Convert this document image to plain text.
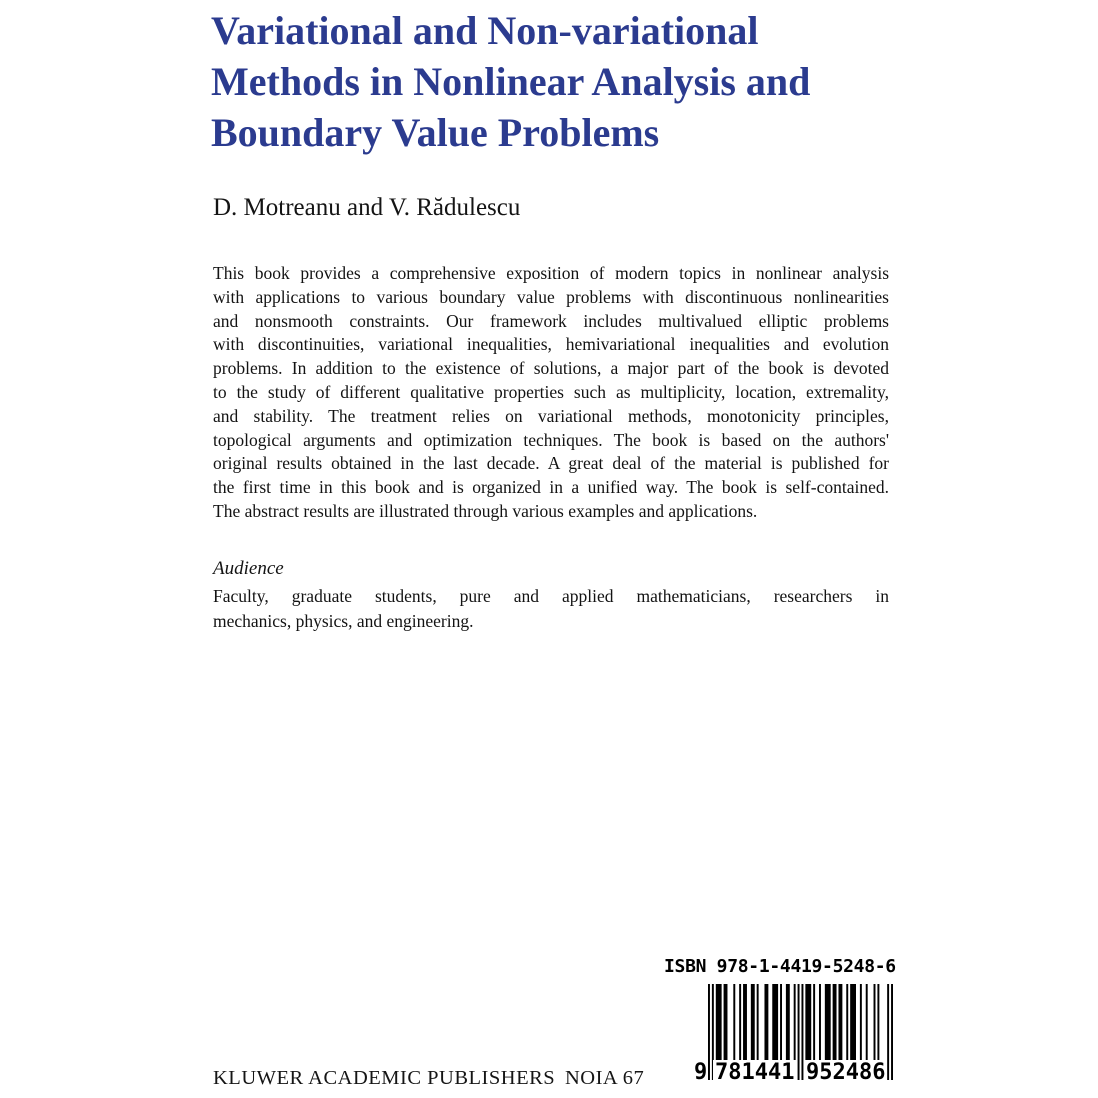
Variational and Non-variational
Methods in Nonlinear Analysis and
Boundary Value Problems
D. Motreanu and V. Rădulescu
This book provides a comprehensive exposition of modern topics in nonlinear analysis
with applications to various boundary value problems with discontinuous nonlinearities
and nonsmooth constraints. Our framework includes multivalued elliptic problems
with discontinuities, variational inequalities, hemivariational inequalities and evolution
problems. In addition to the existence of solutions, a major part of the book is devoted
to the study of different qualitative properties such as multiplicity, location, extremality,
and stability. The treatment relies on variational methods, monotonicity principles,
topological arguments and optimization techniques. The book is based on the authors'
original results obtained in the last decade. A great deal of the material is published for
the first time in this book and is organized in a unified way. The book is self-contained.
The abstract results are illustrated through various examples and applications.
Audience
Faculty, graduate students, pure and applied mathematicians, researchers in
mechanics, physics, and engineering.
ISBN 978-1-4419-5248-6
9 781441 952486
KLUWER ACADEMIC PUBLISHERS NOIA 67
